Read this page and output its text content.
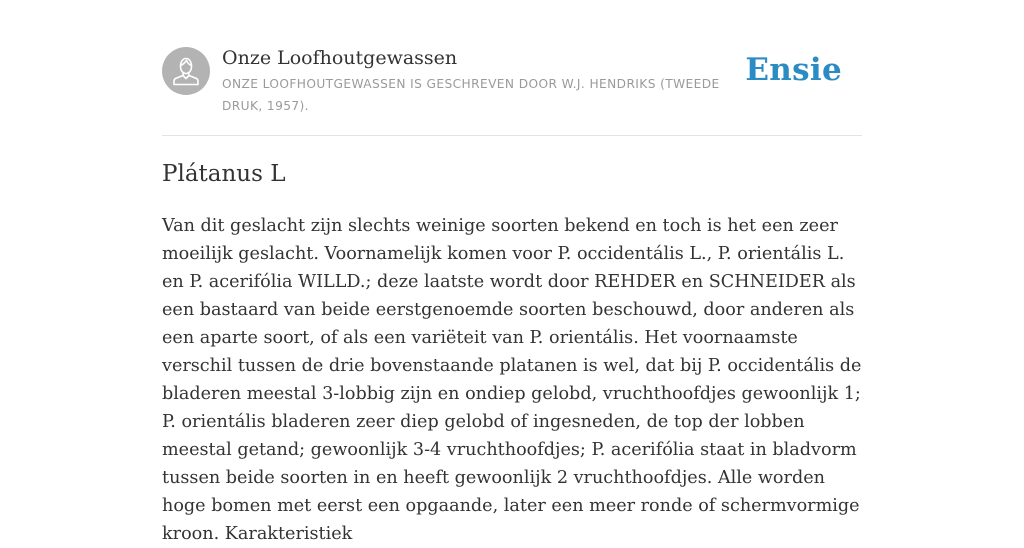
Onze Loofhoutgewassen
ONZE LOOFHOUTGEWASSEN IS GESCHREVEN DOOR W.J. HENDRIKS (TWEEDE DRUK, 1957).
Ensie
Plátanus L

Van dit geslacht zijn slechts weinige soorten bekend en toch is het een zeer moeilijk geslacht. Voornamelijk komen voor P. occidentális L., P. orientális L. en P. acerifólia WILLD.; deze laatste wordt door REHDER en SCHNEIDER als een bastaard van beide eerstgenoemde soorten beschouwd, door anderen als een aparte soort, of als een variëteit van P. orientális. Het voornaamste verschil tussen de drie bovenstaande platanen is wel, dat bij P. occidentális de bladeren meestal 3-lobbig zijn en ondiep gelobd, vruchthoofdjes gewoonlijk 1; P. orientális bladeren zeer diep gelobd of ingesneden, de top der lobben meestal getand; gewoonlijk 3-4 vruchthoofdjes; P. acerifólia staat in bladvorm tussen beide soorten in en heeft gewoonlijk 2 vruchthoofdjes. Alle worden hoge bomen met eerst een opgaande, later een meer ronde of schermvormige kroon. Karakteristiek
